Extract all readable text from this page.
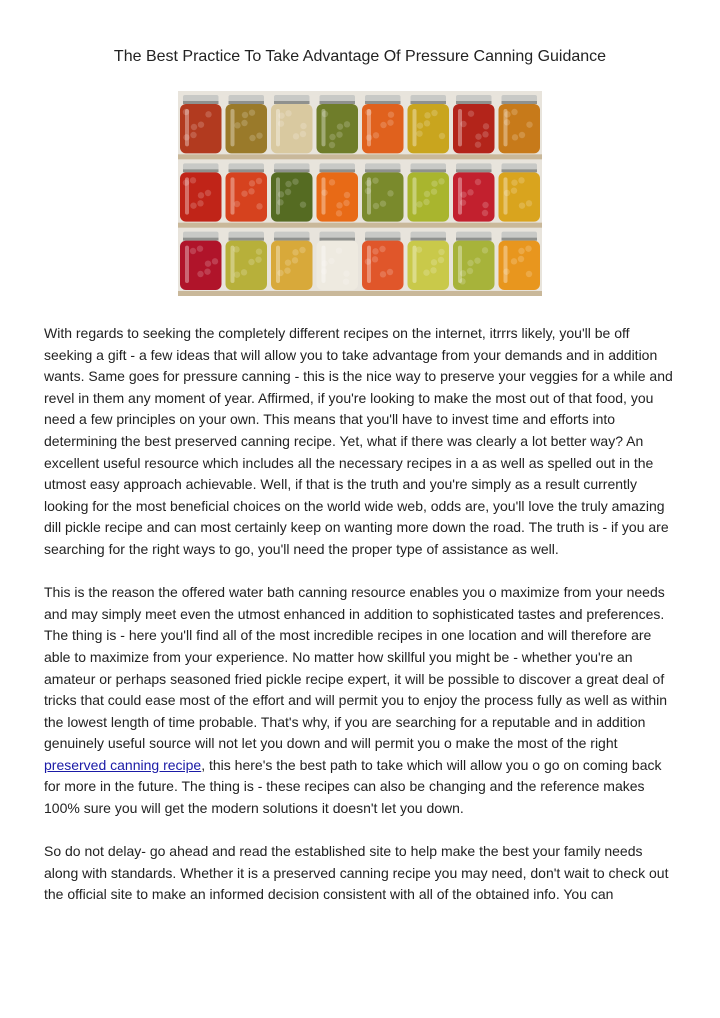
The Best Practice To Take Advantage Of Pressure Canning Guidance

With regards to seeking the completely different recipes on the internet, itrrrs likely, you'll be off seeking a gift - a few ideas that will allow you to take advantage from your demands and in addition wants. Same goes for pressure canning - this is the nice way to preserve your veggies for a while and revel in them any moment of year. Affirmed, if you're looking to make the most out of that food, you need a few principles on your own. This means that you'll have to invest time and efforts into determining the best preserved canning recipe. Yet, what if there was clearly a lot better way? An excellent useful resource which includes all the necessary recipes in a as well as spelled out in the utmost easy approach achievable. Well, if that is the truth and you're simply as a result currently looking for the most beneficial choices on the world wide web, odds are, you'll love the truly amazing dill pickle recipe and can most certainly keep on wanting more down the road. The truth is - if you are searching for the right ways to go, you'll need the proper type of assistance as well.

This is the reason the offered water bath canning resource enables you o maximize from your needs and may simply meet even the utmost enhanced in addition to sophisticated tastes and preferences. The thing is - here you'll find all of the most incredible recipes in one location and will therefore are able to maximize from your experience. No matter how skillful you might be - whether you're an amateur or perhaps seasoned fried pickle recipe expert, it will be possible to discover a great deal of tricks that could ease most of the effort and will permit you to enjoy the process fully as well as within the lowest length of time probable. That's why, if you are searching for a reputable and in addition genuinely useful source will not let you down and will permit you o make the most of the right preserved canning recipe, this here's the best path to take which will allow you o go on coming back for more in the future. The thing is - these recipes can also be changing and the reference makes 100% sure you will get the modern solutions it doesn't let you down.

So do not delay- go ahead and read the established site to help make the best your family needs along with standards. Whether it is a preserved canning recipe you may need, don't wait to check out the official site to make an informed decision consistent with all of the obtained info. You can
